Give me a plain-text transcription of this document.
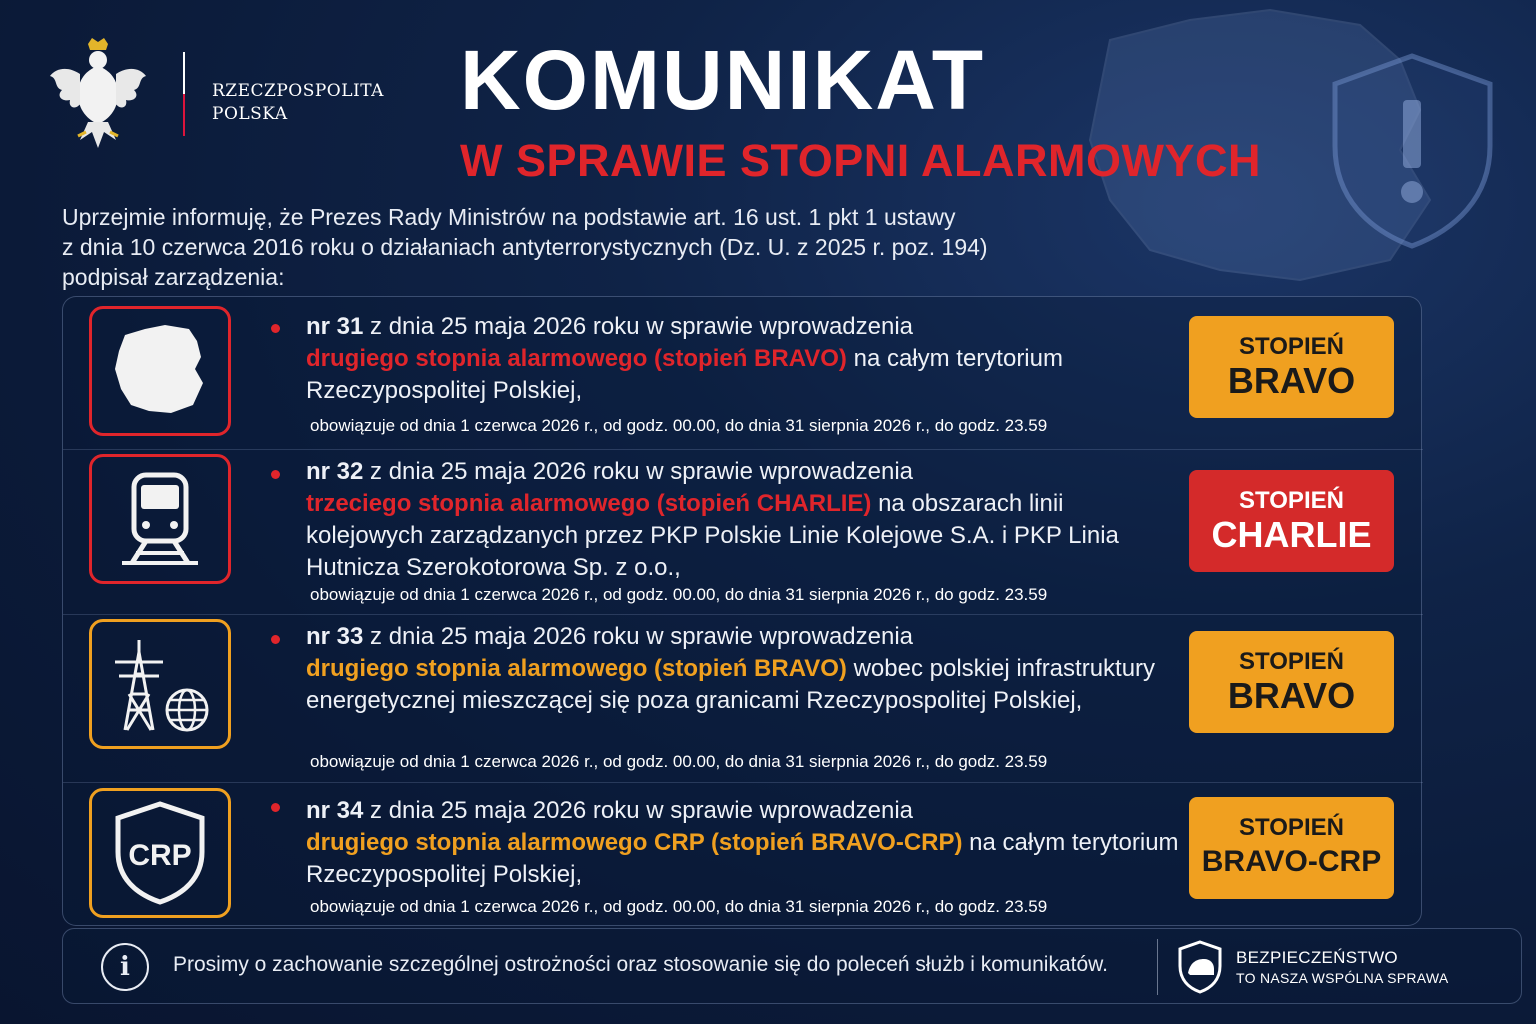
RZECZPOSPOLITA
POLSKA	KOMUNIKAT
W SPRAWIE STOPNI ALARMOWYCH
Uprzejmie informuję, że Prezes Rady Ministrów na podstawie art. 16 ust. 1 pkt 1 ustawy
z dnia 10 czerwca 2016 roku o działaniach antyterrorystycznych (Dz. U. z 2025 r. poz. 194)
podpisał zarządzenia:
nr 31 z dnia 25 maja 2026 roku w sprawie wprowadzenia
drugiego stopnia alarmowego (stopień BRAVO) na całym terytorium Rzeczypospolitej Polskiej,
obowiązuje od dnia 1 czerwca 2026 r., od godz. 00.00, do dnia 31 sierpnia 2026 r., do godz. 23.59
STOPIEŃ
BRAVO
nr 32 z dnia 25 maja 2026 roku w sprawie wprowadzenia
trzeciego stopnia alarmowego (stopień CHARLIE) na obszarach linii kolejowych zarządzanych przez PKP Polskie Linie Kolejowe S.A. i PKP Linia Hutnicza Szerokotorowa Sp. z o.o.,
obowiązuje od dnia 1 czerwca 2026 r., od godz. 00.00, do dnia 31 sierpnia 2026 r., do godz. 23.59
STOPIEŃ
CHARLIE
nr 33 z dnia 25 maja 2026 roku w sprawie wprowadzenia
drugiego stopnia alarmowego (stopień BRAVO) wobec polskiej infrastruktury energetycznej mieszczącej się poza granicami Rzeczypospolitej Polskiej,
obowiązuje od dnia 1 czerwca 2026 r., od godz. 00.00, do dnia 31 sierpnia 2026 r., do godz. 23.59
STOPIEŃ
BRAVO
CRP
nr 34 z dnia 25 maja 2026 roku w sprawie wprowadzenia
drugiego stopnia alarmowego CRP (stopień BRAVO-CRP) na całym terytorium Rzeczypospolitej Polskiej,
obowiązuje od dnia 1 czerwca 2026 r., od godz. 00.00, do dnia 31 sierpnia 2026 r., do godz. 23.59
STOPIEŃ
BRAVO-CRP
i	Prosimy o zachowanie szczególnej ostrożności oraz stosowanie się do poleceń służb i komunikatów.	BEZPIECZEŃSTWO
TO NASZA WSPÓLNA SPRAWA
